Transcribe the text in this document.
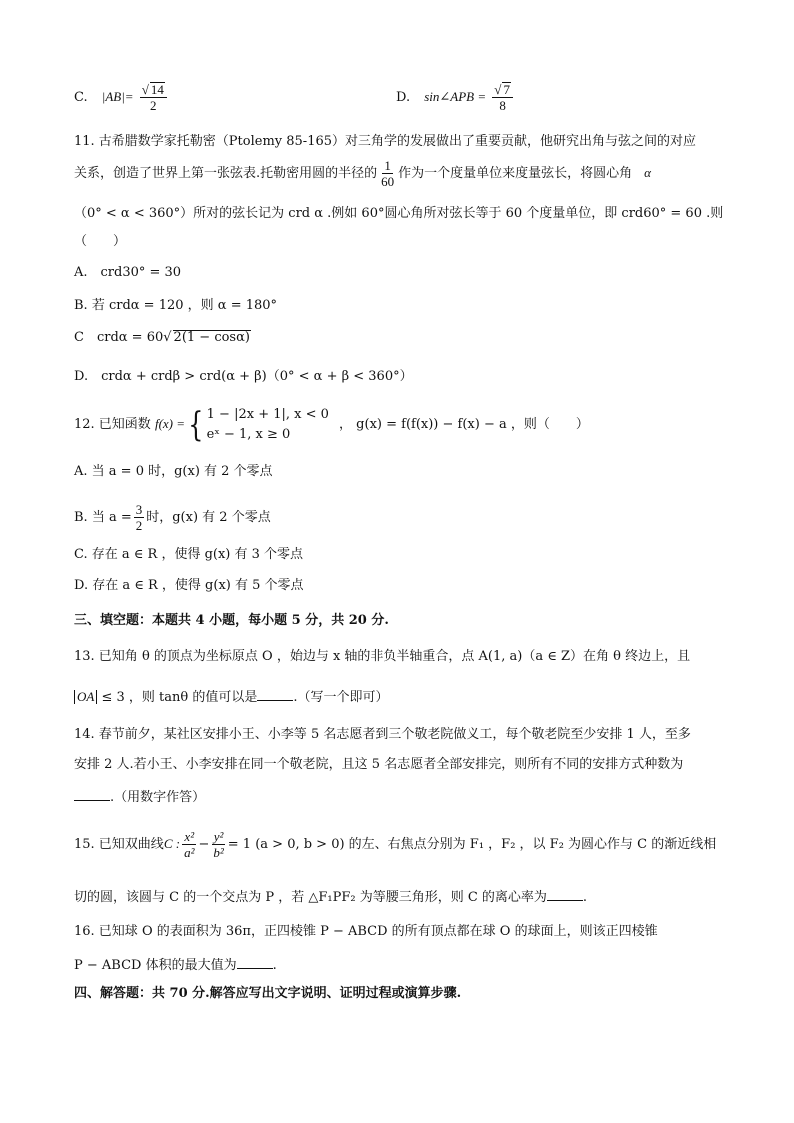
C. $|AB|= \frac{√ 14}{2}$	D. sin∠APB = $\frac{√ 7}{8}$
11. 古希腊数学家托勒密（Ptolemy 85-165）对三角学的发展做出了重要贡献，他研究出角与弦之间的对应
关系，创造了世界上第一张弦表.托勒密用圆的半径的 $\frac{1}{60}$ 作为一个度量单位来度量弦长，将圆心角 α
（0° < α < 360°）所对的弦长记为 crd α .例如 60°圆心角所对弦长等于 60 个度量单位，即 crd60° = 60 .则
（　　）
A.　crd30° = 30
B. 若 crdα = 120 ，则 α = 180°
C　crdα = 60√ 2(1 − cosα)
D.　crdα + crdβ > crd(α + β)（0° < α + β < 360°）
12. 已知函数 f(x) ={ 1 − |2x + 1|, x < 0
eˣ − 1, x ≥ 0
， g(x) = f(f(x)) − f(x) − a ，则（　　）
A. 当 a = 0 时，g(x) 有 2 个零点
B. 当 $a = \frac{3}{2}$ 时，g(x) 有 2 个零点
C. 存在 a ∈ R ，使得 g(x) 有 3 个零点
D. 存在 a ∈ R ，使得 g(x) 有 5 个零点
三、填空题：本题共 4 小题，每小题 5 分，共 20 分.
13. 已知角 θ 的顶点为坐标原点 O ，始边与 x 轴的非负半轴重合，点 A(1, a)（a ∈ Z）在角 θ 终边上，且
OA ≤ 3 ，则 tanθ 的值可以是	.（写一个即可）
14. 春节前夕，某社区安排小王、小李等 5 名志愿者到三个敬老院做义工，每个敬老院至少安排 1 人，至多
安排 2 人.若小王、小李安排在同一个敬老院，且这 5 名志愿者全部安排完，则所有不同的安排方式种数为
.（用数字作答）
15. 已知双曲线C : $\frac{\text{x²}}{\text{a²}} - \frac{\text{y²}}{\text{b²}} = 1$ (a > 0, b > 0) 的左、右焦点分别为 F₁ ，F₂ ，以 F₂ 为圆心作与 C 的渐近线相
切的圆，该圆与 C 的一个交点为 P ，若 △F₁PF₂ 为等腰三角形，则 C 的离心率为	.
16. 已知球 O 的表面积为 36π，正四棱锥 P − ABCD 的所有顶点都在球 O 的球面上，则该正四棱锥
P − ABCD 体积的最大值为	.
四、解答题：共 70 分.解答应写出文字说明、证明过程或演算步骤.
